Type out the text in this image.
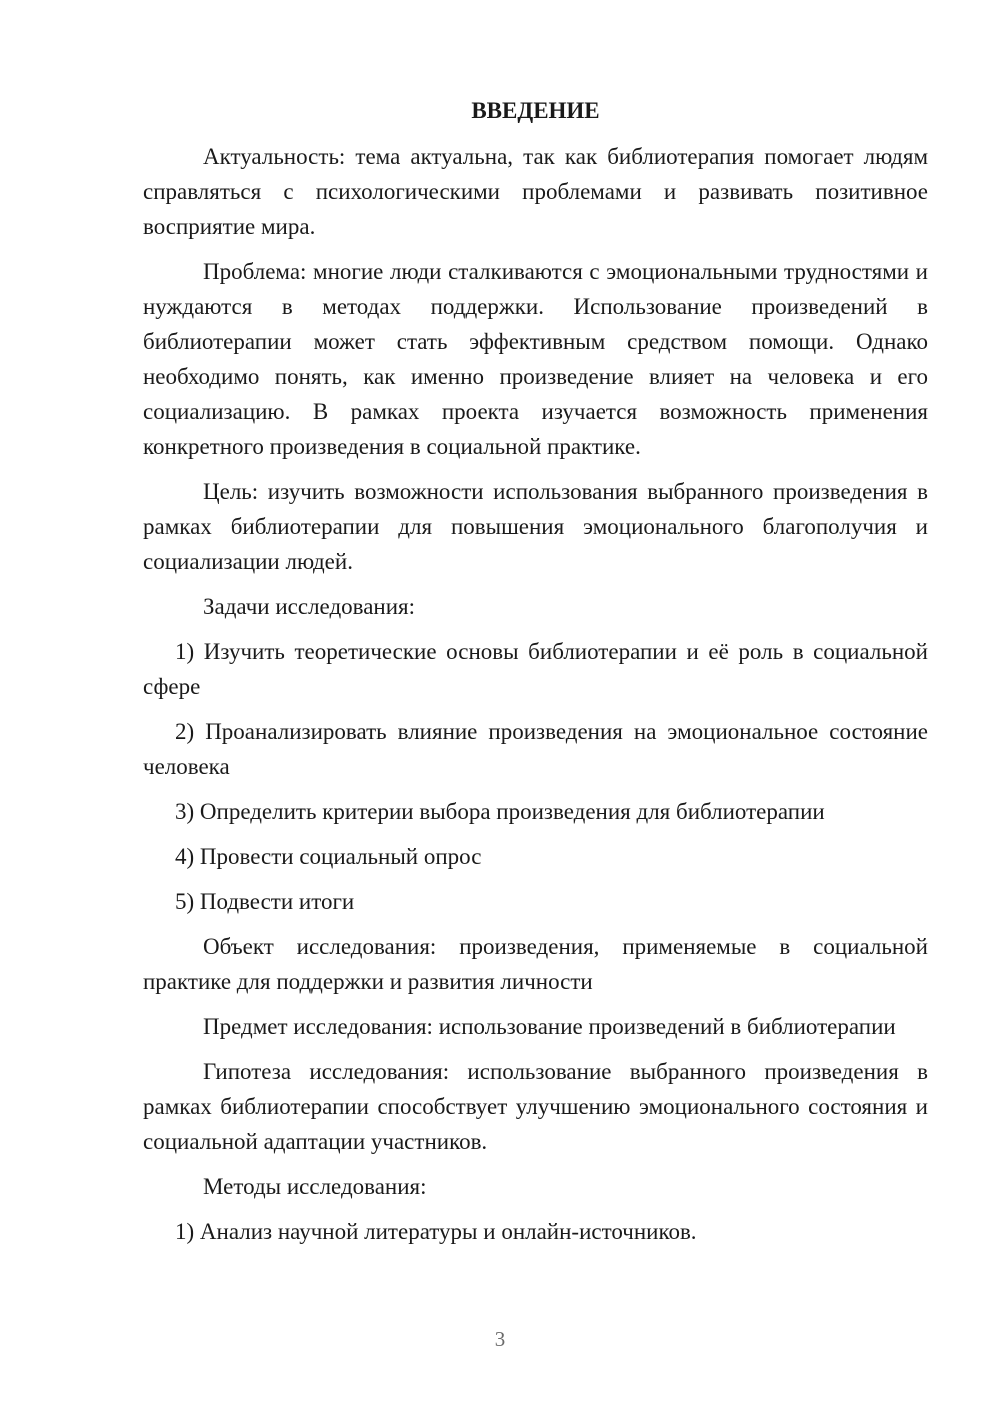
ВВЕДЕНИЕ

Актуальность: тема актуальна, так как библиотерапия помогает людям справляться с психологическими проблемами и развивать позитивное восприятие мира.

Проблема: многие люди сталкиваются с эмоциональными трудностями и нуждаются в методах поддержки. Использование произведений в библиотерапии может стать эффективным средством помощи. Однако необходимо понять, как именно произведение влияет на человека и его социализацию. В рамках проекта изучается возможность применения конкретного произведения в социальной практике.

Цель: изучить возможности использования выбранного произведения в рамках библиотерапии для повышения эмоционального благополучия и социализации людей.

Задачи исследования:

1) Изучить теоретические основы библиотерапии и её роль в социальной сфере

2) Проанализировать влияние произведения на эмоциональное состояние человека

3) Определить критерии выбора произведения для библиотерапии

4) Провести социальный опрос

5) Подвести итоги

Объект исследования: произведения, применяемые в социальной практике для поддержки и развития личности

Предмет исследования: использование произведений в библиотерапии

Гипотеза исследования: использование выбранного произведения в рамках библиотерапии способствует улучшению эмоционального состояния и социальной адаптации участников.

Методы исследования:

1) Анализ научной литературы и онлайн-источников.

3
